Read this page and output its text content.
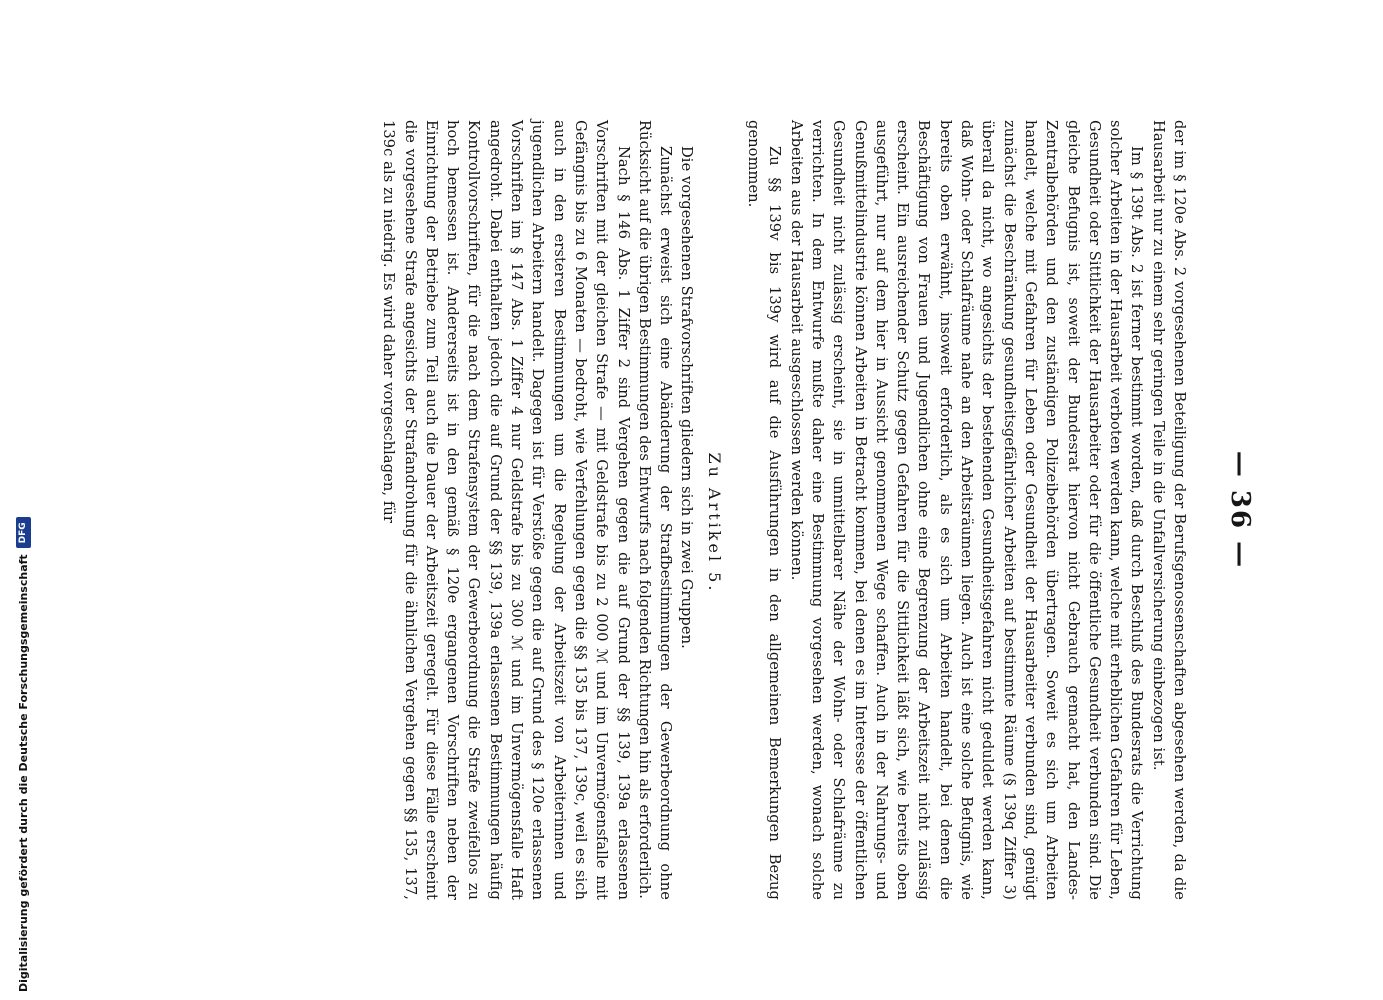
— 36 —

der im § 120e Abs. 2 vorgesehenen Beteiligung der Berufsgenossenschaften abgesehen werden, da die Hausarbeit nur zu einem sehr geringen Teile in die Unfallversicherung einbezogen ist.

Im § 139t Abs. 2 ist ferner bestimmt worden, daß durch Beschluß des Bundesrats die Verrichtung solcher Arbeiten in der Hausarbeit verboten werden kann, welche mit erheblichen Gefahren für Leben, Gesundheit oder Sittlichkeit der Hausarbeiter oder für die öffentliche Gesundheit verbunden sind. Die gleiche Befugnis ist, soweit der Bundesrat hiervon nicht Gebrauch gemacht hat, den Landes-Zentralbehörden und den zuständigen Polizeibehörden übertragen. Soweit es sich um Arbeiten handelt, welche mit Gefahren für Leben oder Gesundheit der Hausarbeiter verbunden sind, genügt zunächst die Beschränkung gesundheitsgefährlicher Arbeiten auf bestimmte Räume (§ 139q Ziffer 3) überall da nicht, wo angesichts der bestehenden Gesundheitsgefahren nicht geduldet werden kann, daß Wohn- oder Schlafräume nahe an den Arbeitsräumen liegen. Auch ist eine solche Befugnis, wie bereits oben erwähnt, insoweit erforderlich, als es sich um Arbeiten handelt, bei denen die Beschäftigung von Frauen und Jugendlichen ohne eine Begrenzung der Arbeitszeit nicht zulässig erscheint. Ein ausreichender Schutz gegen Gefahren für die Sittlichkeit läßt sich, wie bereits oben ausgeführt, nur auf dem hier in Aussicht genommenen Wege schaffen. Auch in der Nahrungs- und Genußmittelindustrie können Arbeiten in Betracht kommen, bei denen es im Interesse der öffentlichen Gesundheit nicht zulässig erscheint, sie in unmittelbarer Nähe der Wohn- oder Schlafräume zu verrichten. In dem Entwurfe mußte daher eine Bestimmung vorgesehen werden, wonach solche Arbeiten aus der Hausarbeit ausgeschlossen werden können.

Zu §§ 139v bis 139y wird auf die Ausführungen in den allgemeinen Bemerkungen Bezug genommen.

Zu Artikel 5.

Die vorgesehenen Strafvorschriften gliedern sich in zwei Gruppen.

Zunächst erweist sich eine Abänderung der Strafbestimmungen der Gewerbeordnung ohne Rücksicht auf die übrigen Bestimmungen des Entwurfs nach folgenden Richtungen hin als erforderlich.

Nach § 146 Abs. 1 Ziffer 2 sind Vergehen gegen die auf Grund der §§ 139, 139a erlassenen Vorschriften mit der gleichen Strafe — mit Geldstrafe bis zu 2 000 ℳ und im Unvermögensfalle mit Gefängnis bis zu 6 Monaten — bedroht, wie Verfehlungen gegen die §§ 135 bis 137, 139c, weil es sich auch in den ersteren Bestimmungen um die Regelung der Arbeitszeit von Arbeiterinnen und jugendlichen Arbeitern handelt. Dagegen ist für Verstöße gegen die auf Grund des § 120e erlassenen Vorschriften im § 147 Abs. 1 Ziffer 4 nur Geldstrafe bis zu 300 ℳ und im Unvermögensfalle Haft angedroht. Dabei enthalten jedoch die auf Grund der §§ 139, 139a erlassenen Bestimmungen häufig Kontrollvorschriften, für die nach dem Strafensystem der Gewerbeordnung die Strafe zweifellos zu hoch bemessen ist. Andererseits ist in den gemäß § 120e ergangenen Vorschriften neben der Einrichtung der Betriebe zum Teil auch die Dauer der Arbeitszeit geregelt. Für diese Fälle erscheint die vorgesehene Strafe angesichts der Strafandrohung für die ähnlichen Vergehen gegen §§ 135, 137, 139c als zu niedrig. Es wird daher vorgeschlagen, für

Digitalisierung gefördert durch die Deutsche Forschungsgemeinschaft
DFG
